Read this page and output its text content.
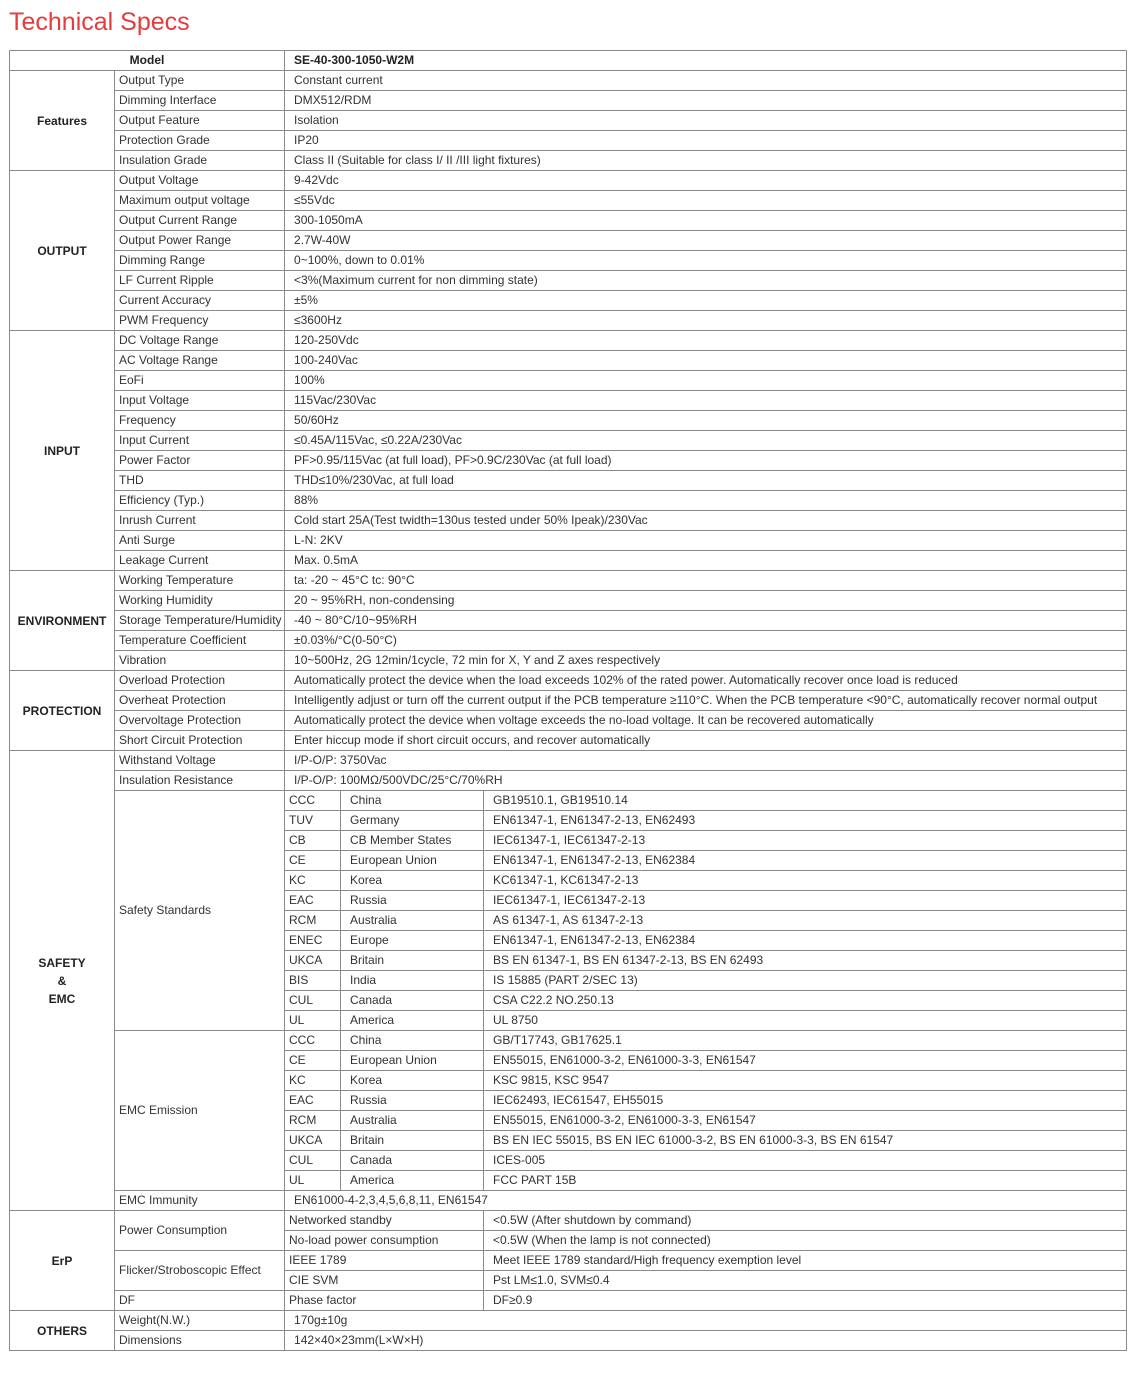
Technical Specs
Model		SE-40-300-1050-W2M		
Features	Output Type	Constant current		
	Dimming Interface	DMX512/RDM		
	Output Feature	Isolation		
	Protection Grade	IP20		
	Insulation Grade	Class II (Suitable for class I/ II /III light fixtures)		
OUTPUT	Output Voltage	9-42Vdc		
	Maximum output voltage	≤55Vdc		
	Output Current Range	300-1050mA		
	Output Power Range	2.7W-40W		
	Dimming Range	0~100%, down to 0.01%		
	LF Current Ripple	<3%(Maximum current for non dimming state)		
	Current Accuracy	±5%		
	PWM Frequency	≤3600Hz		
INPUT	DC Voltage Range	120-250Vdc		
	AC Voltage Range	100-240Vac		
	EoFi	100%		
	Input Voltage	115Vac/230Vac		
	Frequency	50/60Hz		
	Input Current	≤0.45A/115Vac, ≤0.22A/230Vac		
	Power Factor	PF>0.95/115Vac (at full load), PF>0.9C/230Vac (at full load)		
	THD	THD≤10%/230Vac, at full load		
	Efficiency (Typ.)	88%		
	Inrush Current	Cold start 25A(Test twidth=130us tested under 50% Ipeak)/230Vac		
	Anti Surge	L-N: 2KV		
	Leakage Current	Max. 0.5mA		
ENVIRONMENT	Working Temperature	ta: -20 ~ 45°C tc: 90°C		
	Working Humidity	20 ~ 95%RH, non-condensing		
	Storage Temperature/Humidity	-40 ~ 80°C/10~95%RH		
	Temperature Coefficient	±0.03%/°C(0-50°C)		
	Vibration	10~500Hz, 2G 12min/1cycle, 72 min for X, Y and Z axes respectively		
PROTECTION	Overload Protection	Automatically protect the device when the load exceeds 102% of the rated power. Automatically recover once load is reduced		
	Overheat Protection	Intelligently adjust or turn off the current output if the PCB temperature ≥110°C. When the PCB temperature <90°C, automatically recover normal output		
	Overvoltage Protection	Automatically protect the device when voltage exceeds the no-load voltage. It can be recovered automatically		
	Short Circuit Protection	Enter hiccup mode if short circuit occurs, and recover automatically		

SAFETY
&
EMC	Withstand Voltage	I/P-O/P: 3750Vac		
	Insulation Resistance	I/P-O/P: 100MΩ/500VDC/25°C/70%RH		
	Safety Standards	CCC	China	GB19510.1, GB19510.14
		TUV	Germany	EN61347-1, EN61347-2-13, EN62493
		CB	CB Member States	IEC61347-1, IEC61347-2-13
		CE	European Union	EN61347-1, EN61347-2-13, EN62384
		KC	Korea	KC61347-1, KC61347-2-13
		EAC	Russia	IEC61347-1, IEC61347-2-13
		RCM	Australia	AS 61347-1, AS 61347-2-13
		ENEC	Europe	EN61347-1, EN61347-2-13, EN62384
		UKCA	Britain	BS EN 61347-1, BS EN 61347-2-13, BS EN 62493
		BIS	India	IS 15885 (PART 2/SEC 13)
		CUL	Canada	CSA C22.2 NO.250.13
		UL	America	UL 8750
	EMC Emission	CCC	China	GB/T17743, GB17625.1
		CE	European Union	EN55015, EN61000-3-2, EN61000-3-3, EN61547
		KC	Korea	KSC 9815, KSC 9547
		EAC	Russia	IEC62493, IEC61547, EH55015
		RCM	Australia	EN55015, EN61000-3-2, EN61000-3-3, EN61547
		UKCA	Britain	BS EN IEC 55015, BS EN IEC 61000-3-2, BS EN 61000-3-3, BS EN 61547
		CUL	Canada	ICES-005
		UL	America	FCC PART 15B
	EMC Immunity	EN61000-4-2,3,4,5,6,8,11, EN61547		
ErP	Power Consumption	Networked standby		<0.5W (After shutdown by command)
		No-load power consumption		<0.5W (When the lamp is not connected)
	Flicker/Stroboscopic Effect	IEEE 1789		Meet IEEE 1789 standard/High frequency exemption level
		CIE SVM		Pst LM≤1.0, SVM≤0.4
	DF	Phase factor		DF≥0.9
OTHERS	Weight(N.W.)	170g±10g		
	Dimensions	142×40×23mm(L×W×H)		
